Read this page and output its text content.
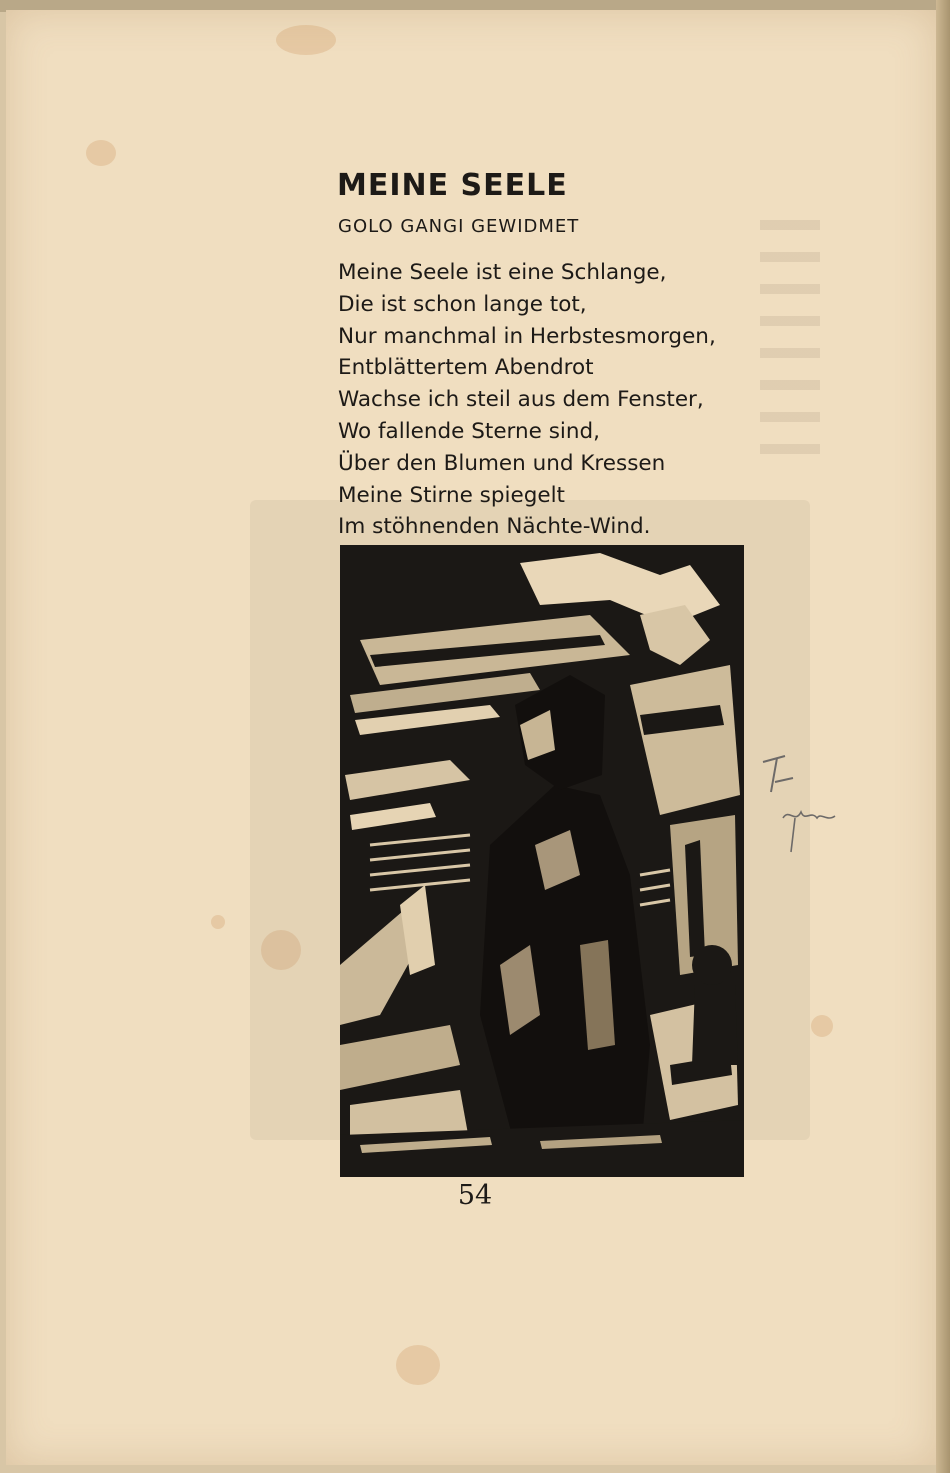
MEINE SEELE

GOLO GANGI GEWIDMET

Meine Seele ist eine Schlange,
Die ist schon lange tot,
Nur manchmal in Herbstesmorgen,
Entblättertem Abendrot
Wachse ich steil aus dem Fenster,
Wo fallende Sterne sind,
Über den Blumen und Kressen
Meine Stirne spiegelt
Im stöhnenden Nächte-Wind.

54
